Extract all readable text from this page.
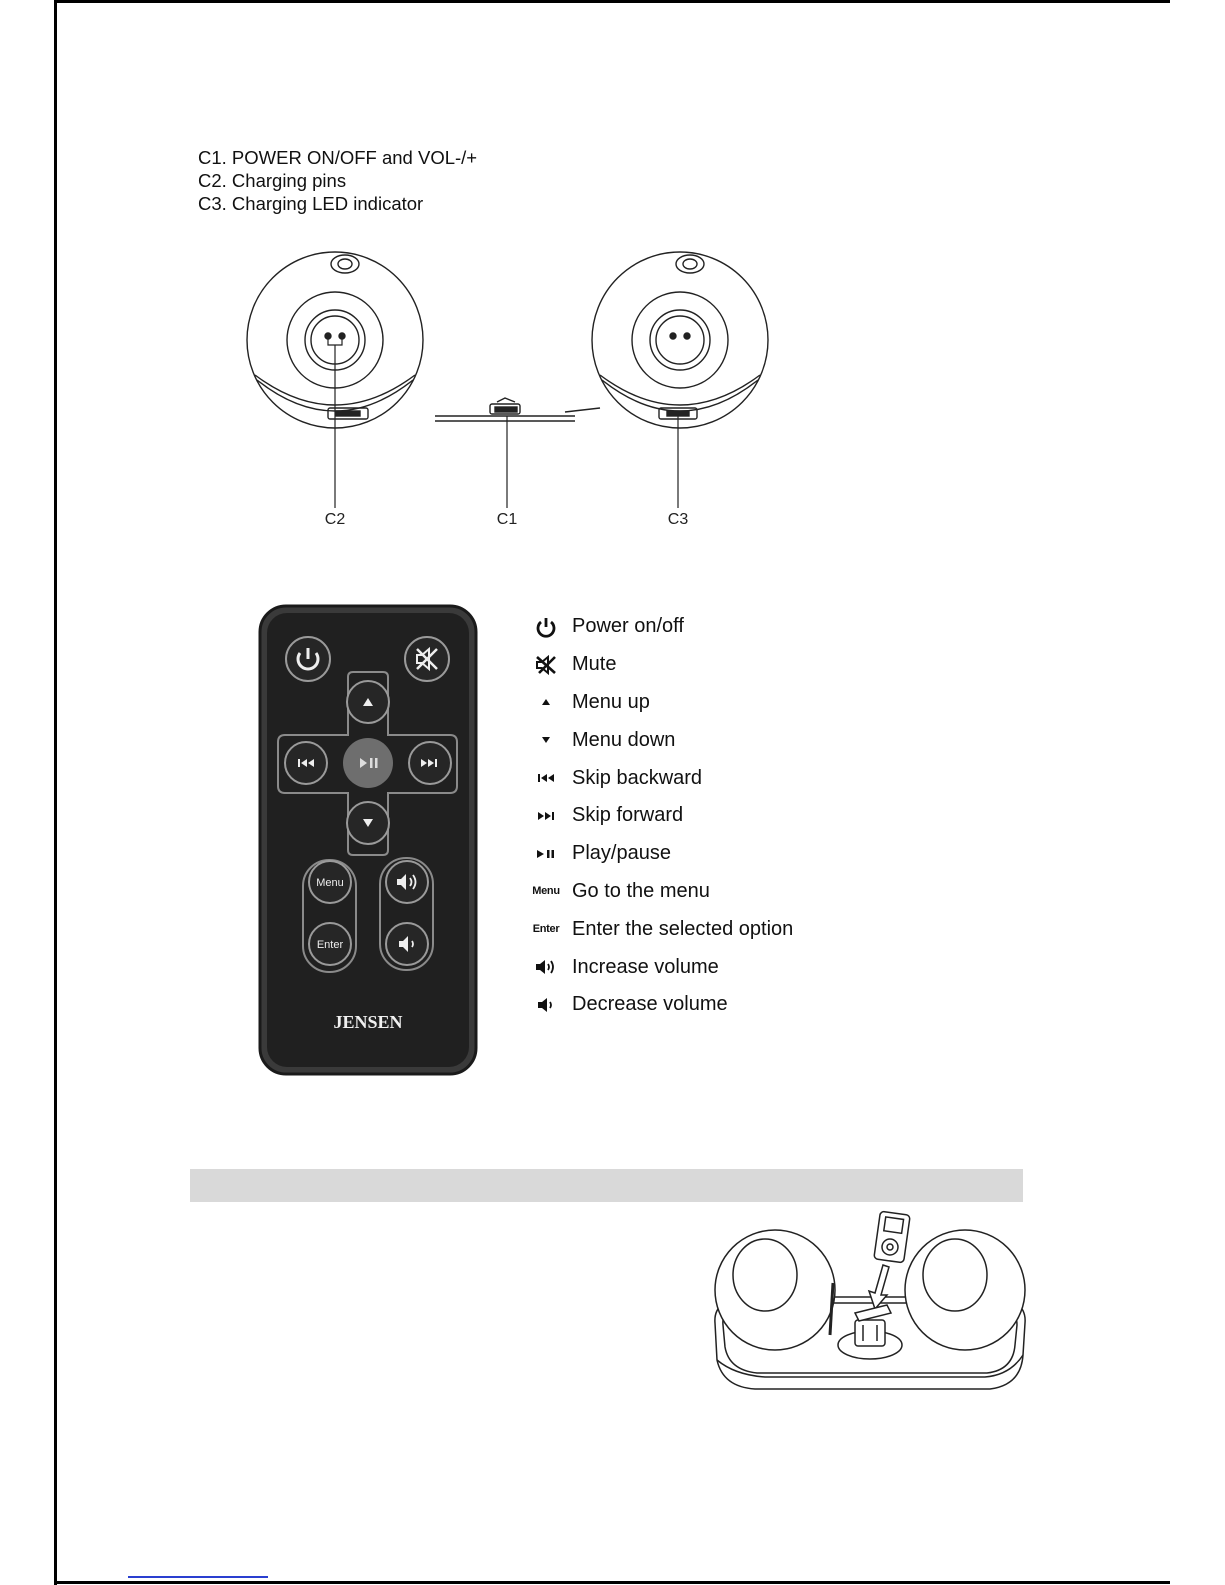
C1. POWER ON/OFF and VOL-/+
C2. Charging pins
C3. Charging LED indicator
C2	C1	C3
Menu
Enter
JENSEN
Power on/off
Mute
Menu up
Menu down
Skip backward
Skip forward
Play/pause
Menu Go to the menu
Enter Enter the selected option
Increase volume
Decrease volume
